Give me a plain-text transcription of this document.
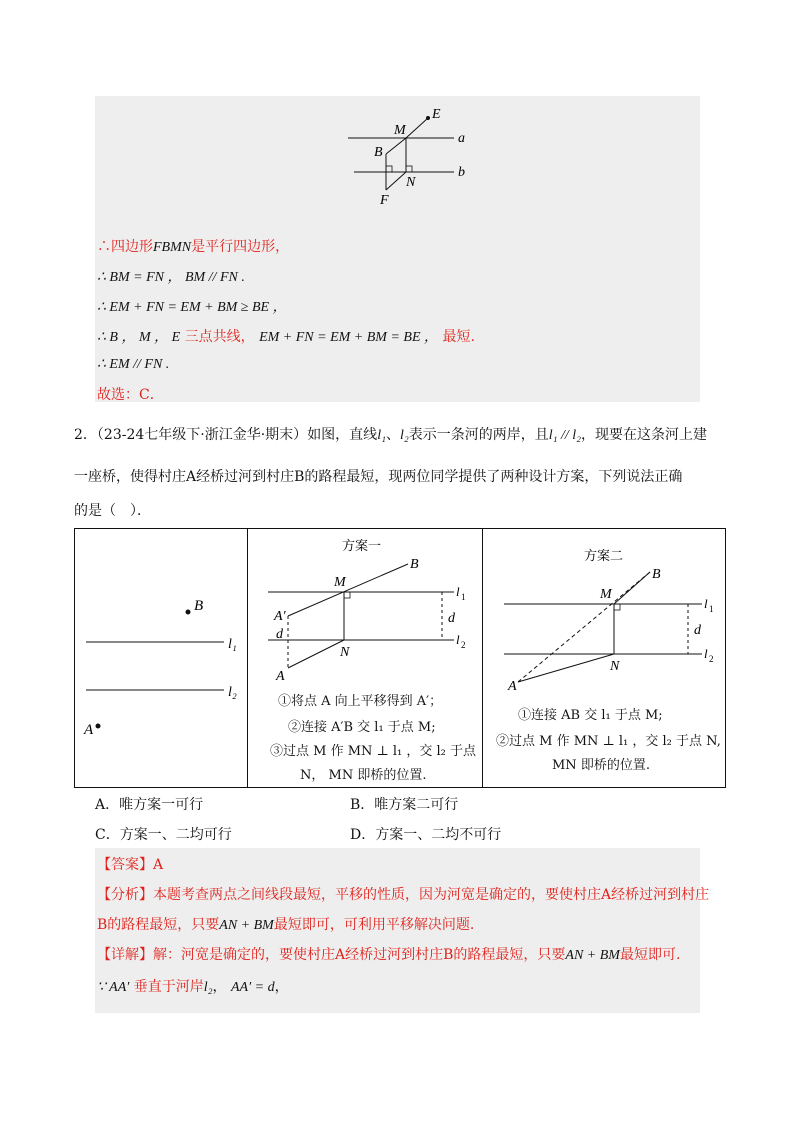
E
M
a
B
b
N
F
∴四边形FBMN是平行四边形，
∴ BM = FN ， BM // FN .
∴ EM + FN = EM + BM ≥ BE ，
∴ B ， M ， E 三点共线， EM + FN = EM + BM = BE ， 最短.
∴ EM // FN .
故选：C．
2．（23-24七年级下·浙江金华·期末）如图，直线l₁、l₂表示一条河的两岸，且l₁ // l₂，现要在这条河上建
一座桥，使得村庄A经桥过河到村庄B的路程最短，现两位同学提供了两种设计方案，下列说法正确
的是（　）．
B
l₁
l₂
A
方案一
B
M
l 1
A′
d
d
l 2
N
A
①将点 A 向上平移得到 A′；
②连接 A′B 交 l₁ 于点 M;
③过点 M 作 MN ⊥ l₁ ，交 l₂ 于点
N， MN 即桥的位置.
方案二
B
M
l 1
d
l 2
N
A
①连接 AB 交 l₁ 于点 M;
②过点 M 作 MN ⊥ l₁ ，交 l₂ 于点 N,
MN 即桥的位置.
A．唯方案一可行	B．唯方案二可行
C．方案一、二均可行	D．方案一、二均不可行
【答案】A
【分析】本题考查两点之间线段最短，平移的性质，因为河宽是确定的，要使村庄A经桥过河到村庄
B的路程最短，只要AN + BM最短即可，可利用平移解决问题.
【详解】解：河宽是确定的，要使村庄A经桥过河到村庄B的路程最短，只要AN + BM最短即可.
∵ AA′ 垂直于河岸l₂， AA′ = d，
